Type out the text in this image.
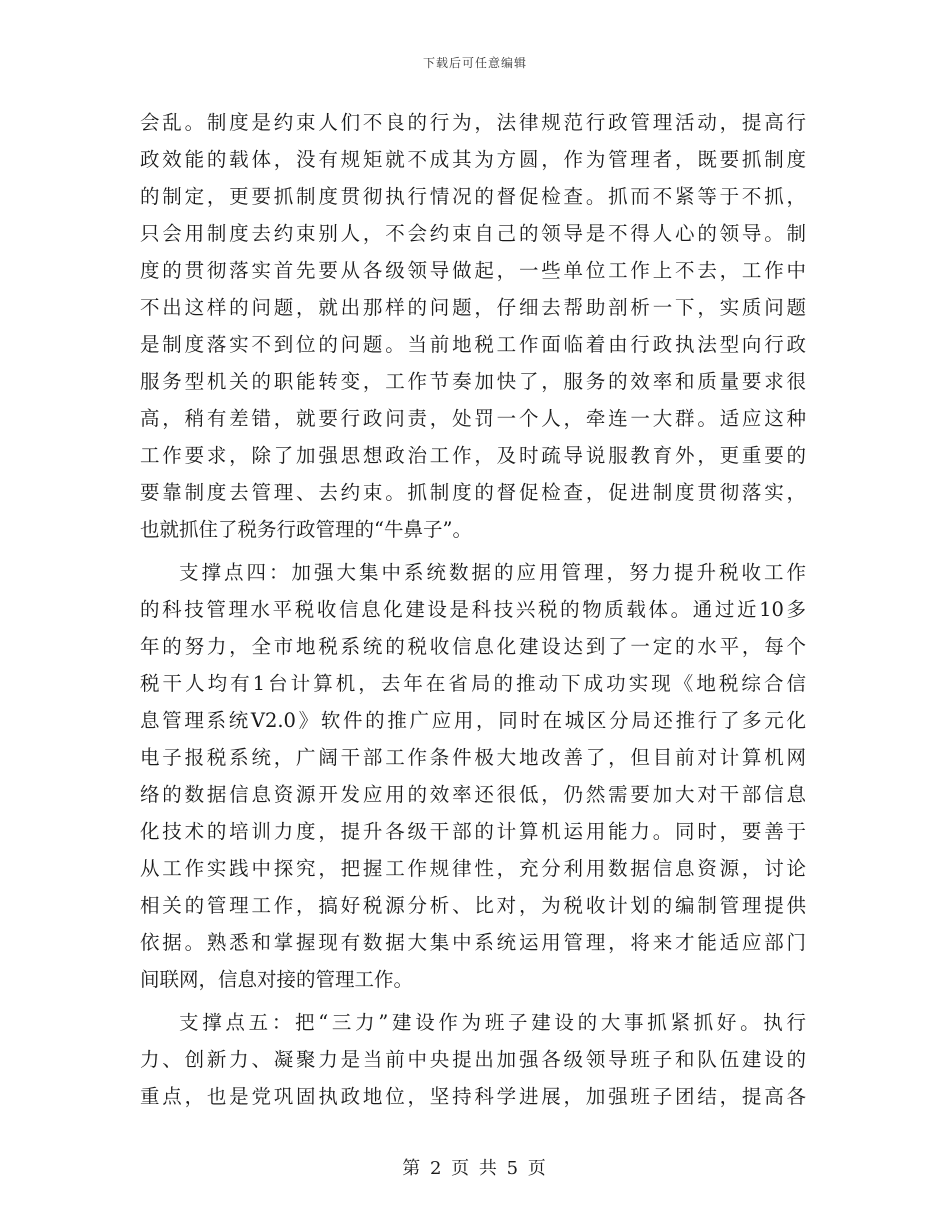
下载后可任意编辑
会乱。制度是约束人们不良的行为，法律规范行政管理活动，提高行
政效能的载体，没有规矩就不成其为方圆，作为管理者，既要抓制度
的制定，更要抓制度贯彻执行情况的督促检查。抓而不紧等于不抓，
只会用制度去约束别人，不会约束自己的领导是不得人心的领导。制
度的贯彻落实首先要从各级领导做起，一些单位工作上不去，工作中
不出这样的问题，就出那样的问题，仔细去帮助剖析一下，实质问题
是制度落实不到位的问题。当前地税工作面临着由行政执法型向行政
服务型机关的职能转变，工作节奏加快了，服务的效率和质量要求很
高，稍有差错，就要行政问责，处罚一个人，牵连一大群。适应这种
工作要求，除了加强思想政治工作，及时疏导说服教育外，更重要的
要靠制度去管理、去约束。抓制度的督促检查，促进制度贯彻落实，
也就抓住了税务行政管理的“牛鼻子”。
支撑点四：加强大集中系统数据的应用管理，努力提升税收工作
的科技管理水平税收信息化建设是科技兴税的物质载体。通过近10多
年的努力，全市地税系统的税收信息化建设达到了一定的水平，每个
税干人均有1台计算机，去年在省局的推动下成功实现《地税综合信
息管理系统V2.0》软件的推广应用，同时在城区分局还推行了多元化
电子报税系统，广阔干部工作条件极大地改善了，但目前对计算机网
络的数据信息资源开发应用的效率还很低，仍然需要加大对干部信息
化技术的培训力度，提升各级干部的计算机运用能力。同时，要善于
从工作实践中探究，把握工作规律性，充分利用数据信息资源，讨论
相关的管理工作，搞好税源分析、比对，为税收计划的编制管理提供
依据。熟悉和掌握现有数据大集中系统运用管理，将来才能适应部门
间联网，信息对接的管理工作。
支撑点五：把“三力”建设作为班子建设的大事抓紧抓好。执行
力、创新力、凝聚力是当前中央提出加强各级领导班子和队伍建设的
重点，也是党巩固执政地位，坚持科学进展，加强班子团结，提高各
第 2 页 共 5 页
